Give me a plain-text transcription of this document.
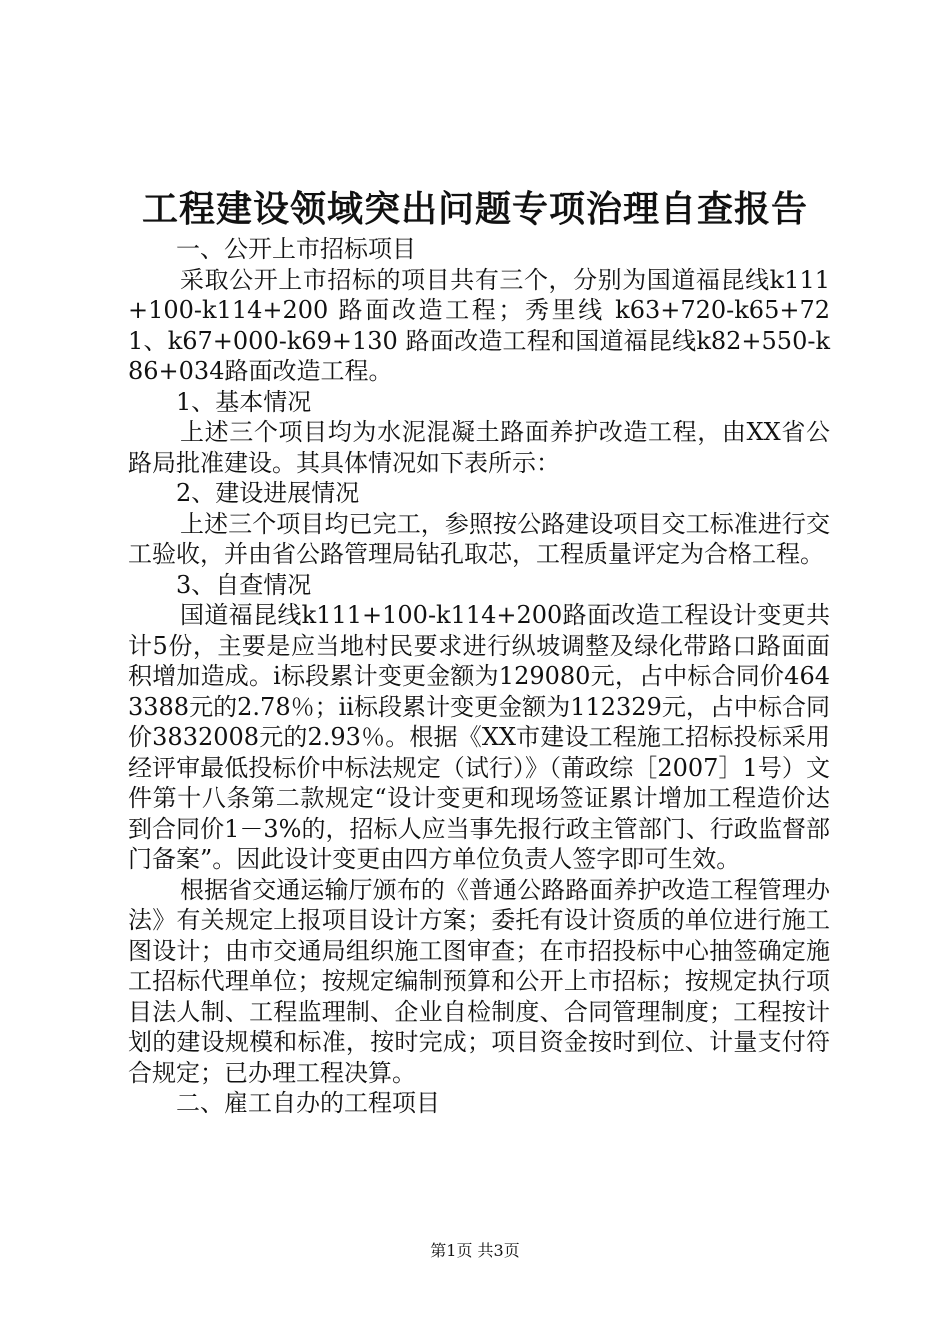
工程建设领域突出问题专项治理自查报告

一、公开上市招标项目

采取公开上市招标的项目共有三个，分别为国道福昆线k111+100-k114+200 路面改造工程；秀里线 k63+720-k65+721、k67+000-k69+130 路面改造工程和国道福昆线k82+550-k86+034路面改造工程。

1、基本情况

上述三个项目均为水泥混凝土路面养护改造工程，由XX省公路局批准建设。其具体情况如下表所示：

2、建设进展情况

上述三个项目均已完工，参照按公路建设项目交工标准进行交工验收，并由省公路管理局钻孔取芯，工程质量评定为合格工程。

3、自查情况

国道福昆线k111+100-k114+200路面改造工程设计变更共计5份，主要是应当地村民要求进行纵坡调整及绿化带路口路面面积增加造成。i标段累计变更金额为129080元，占中标合同价4643388元的2.78％；ii标段累计变更金额为112329元，占中标合同价3832008元的2.93％。根据《XX市建设工程施工招标投标采用经评审最低投标价中标法规定（试行）》（莆政综［2007］1号）文件第十八条第二款规定“设计变更和现场签证累计增加工程造价达到合同价1－3%的，招标人应当事先报行政主管部门、行政监督部门备案”。因此设计变更由四方单位负责人签字即可生效。

根据省交通运输厅颁布的《普通公路路面养护改造工程管理办法》有关规定上报项目设计方案；委托有设计资质的单位进行施工图设计；由市交通局组织施工图审查；在市招投标中心抽签确定施工招标代理单位；按规定编制预算和公开上市招标；按规定执行项目法人制、工程监理制、企业自检制度、合同管理制度；工程按计划的建设规模和标准，按时完成；项目资金按时到位、计量支付符合规定；已办理工程决算。

二、雇工自办的工程项目

第1页 共3页
